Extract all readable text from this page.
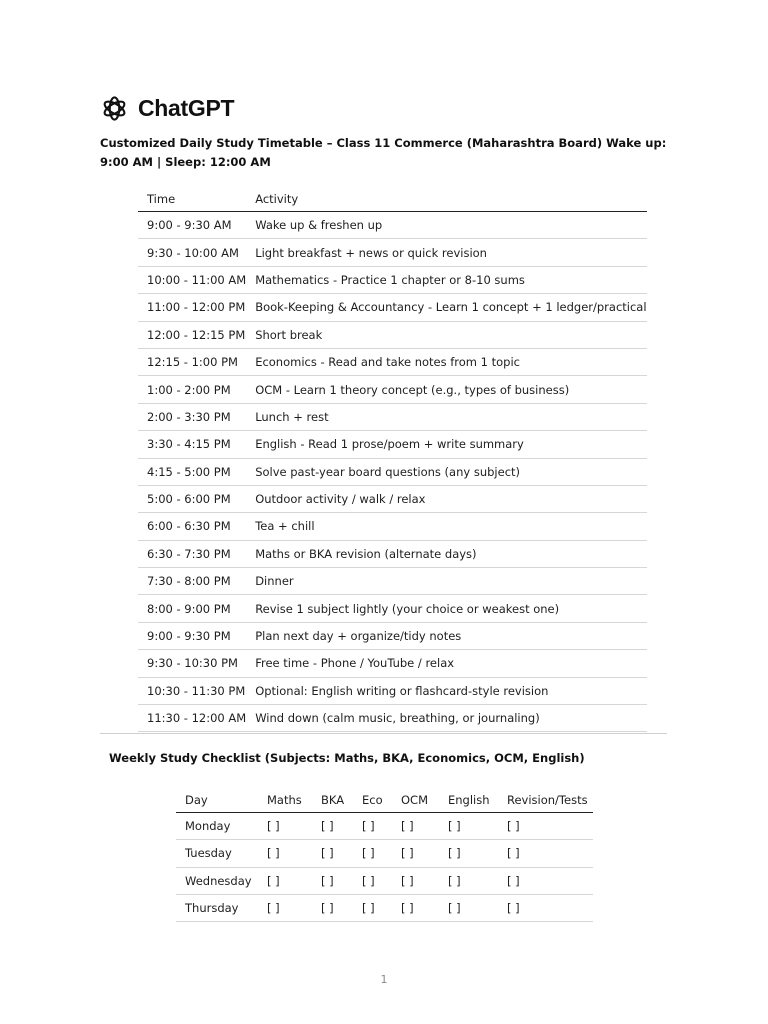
ChatGPT
Customized Daily Study Timetable – Class 11 Commerce (Maharashtra Board) Wake up: 9:00 AM | Sleep: 12:00 AM
Time	Activity
9:00 - 9:30 AM	Wake up & freshen up
9:30 - 10:00 AM	Light breakfast + news or quick revision
10:00 - 11:00 AM	Mathematics - Practice 1 chapter or 8-10 sums
11:00 - 12:00 PM	Book-Keeping & Accountancy - Learn 1 concept + 1 ledger/practical
12:00 - 12:15 PM	Short break
12:15 - 1:00 PM	Economics - Read and take notes from 1 topic
1:00 - 2:00 PM	OCM - Learn 1 theory concept (e.g., types of business)
2:00 - 3:30 PM	Lunch + rest
3:30 - 4:15 PM	English - Read 1 prose/poem + write summary
4:15 - 5:00 PM	Solve past-year board questions (any subject)
5:00 - 6:00 PM	Outdoor activity / walk / relax
6:00 - 6:30 PM	Tea + chill
6:30 - 7:30 PM	Maths or BKA revision (alternate days)
7:30 - 8:00 PM	Dinner
8:00 - 9:00 PM	Revise 1 subject lightly (your choice or weakest one)
9:00 - 9:30 PM	Plan next day + organize/tidy notes
9:30 - 10:30 PM	Free time - Phone / YouTube / relax
10:30 - 11:30 PM	Optional: English writing or flashcard-style revision
11:30 - 12:00 AM	Wind down (calm music, breathing, or journaling)
Weekly Study Checklist (Subjects: Maths, BKA, Economics, OCM, English)
Day	Maths	BKA	Eco	OCM	English	Revision/Tests
Monday	[ ]	[ ]	[ ]	[ ]	[ ]	[ ]
Tuesday	[ ]	[ ]	[ ]	[ ]	[ ]	[ ]
Wednesday	[ ]	[ ]	[ ]	[ ]	[ ]	[ ]
Thursday	[ ]	[ ]	[ ]	[ ]	[ ]	[ ]
1
